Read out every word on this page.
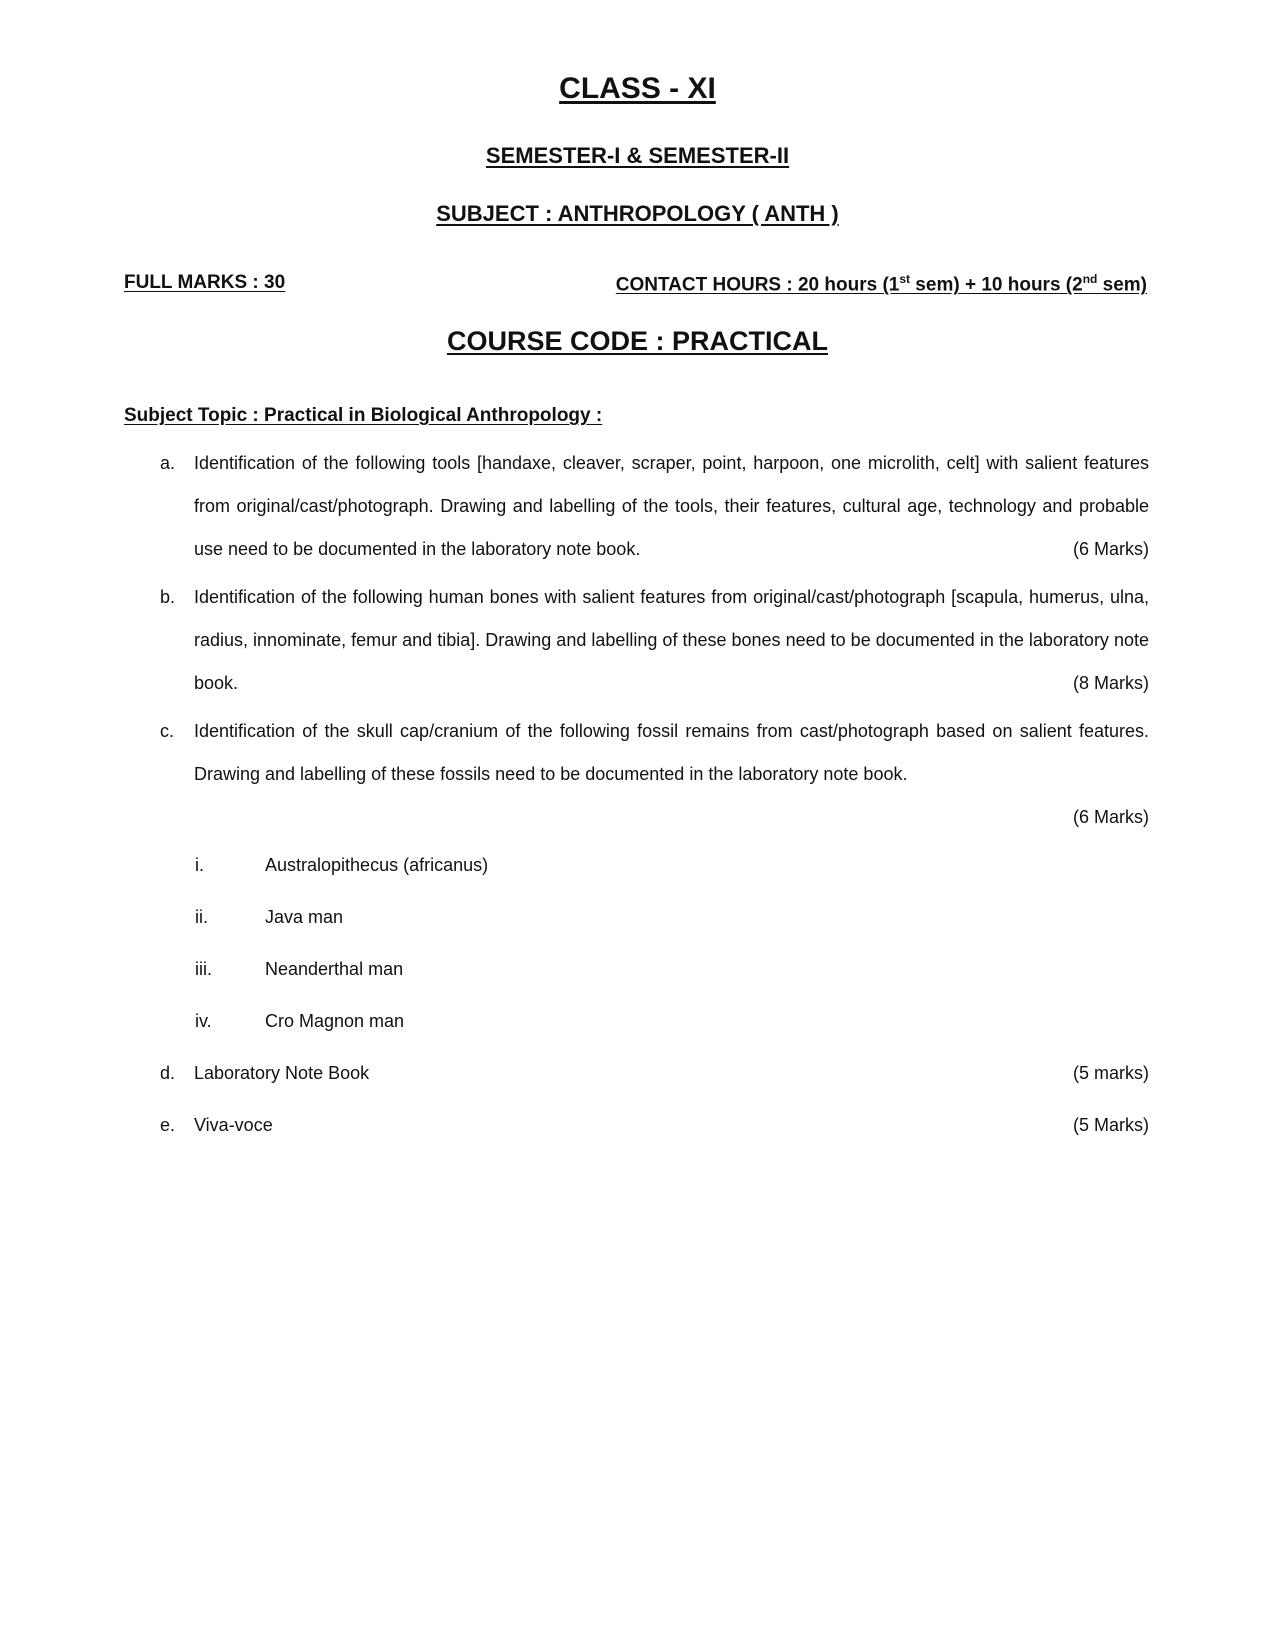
CLASS - XI
SEMESTER-I & SEMESTER-II
SUBJECT : ANTHROPOLOGY ( ANTH )
FULL MARKS : 30	CONTACT HOURS : 20 hours (1st sem) + 10 hours (2nd sem)
COURSE CODE : PRACTICAL
Subject Topic : Practical in Biological Anthropology :
a. Identification of the following tools [handaxe, cleaver, scraper, point, harpoon, one microlith, celt] with salient features from original/cast/photograph. Drawing and labelling of the tools, their features, cultural age, technology and probable use need to be documented in the laboratory note book.	(6 Marks)
b. Identification of the following human bones with salient features from original/cast/photograph [scapula, humerus, ulna, radius, innominate, femur and tibia]. Drawing and labelling of these bones need to be documented in the laboratory note book.	(8 Marks)
c. Identification of the skull cap/cranium of the following fossil remains from cast/photograph based on salient features. Drawing and labelling of these fossils need to be documented in the laboratory note book.
(6 Marks)
i.	Australopithecus (africanus)
ii.	Java man
iii.	Neanderthal man
iv.	Cro Magnon man
d. Laboratory Note Book	(5 marks)
e. Viva-voce	(5 Marks)
